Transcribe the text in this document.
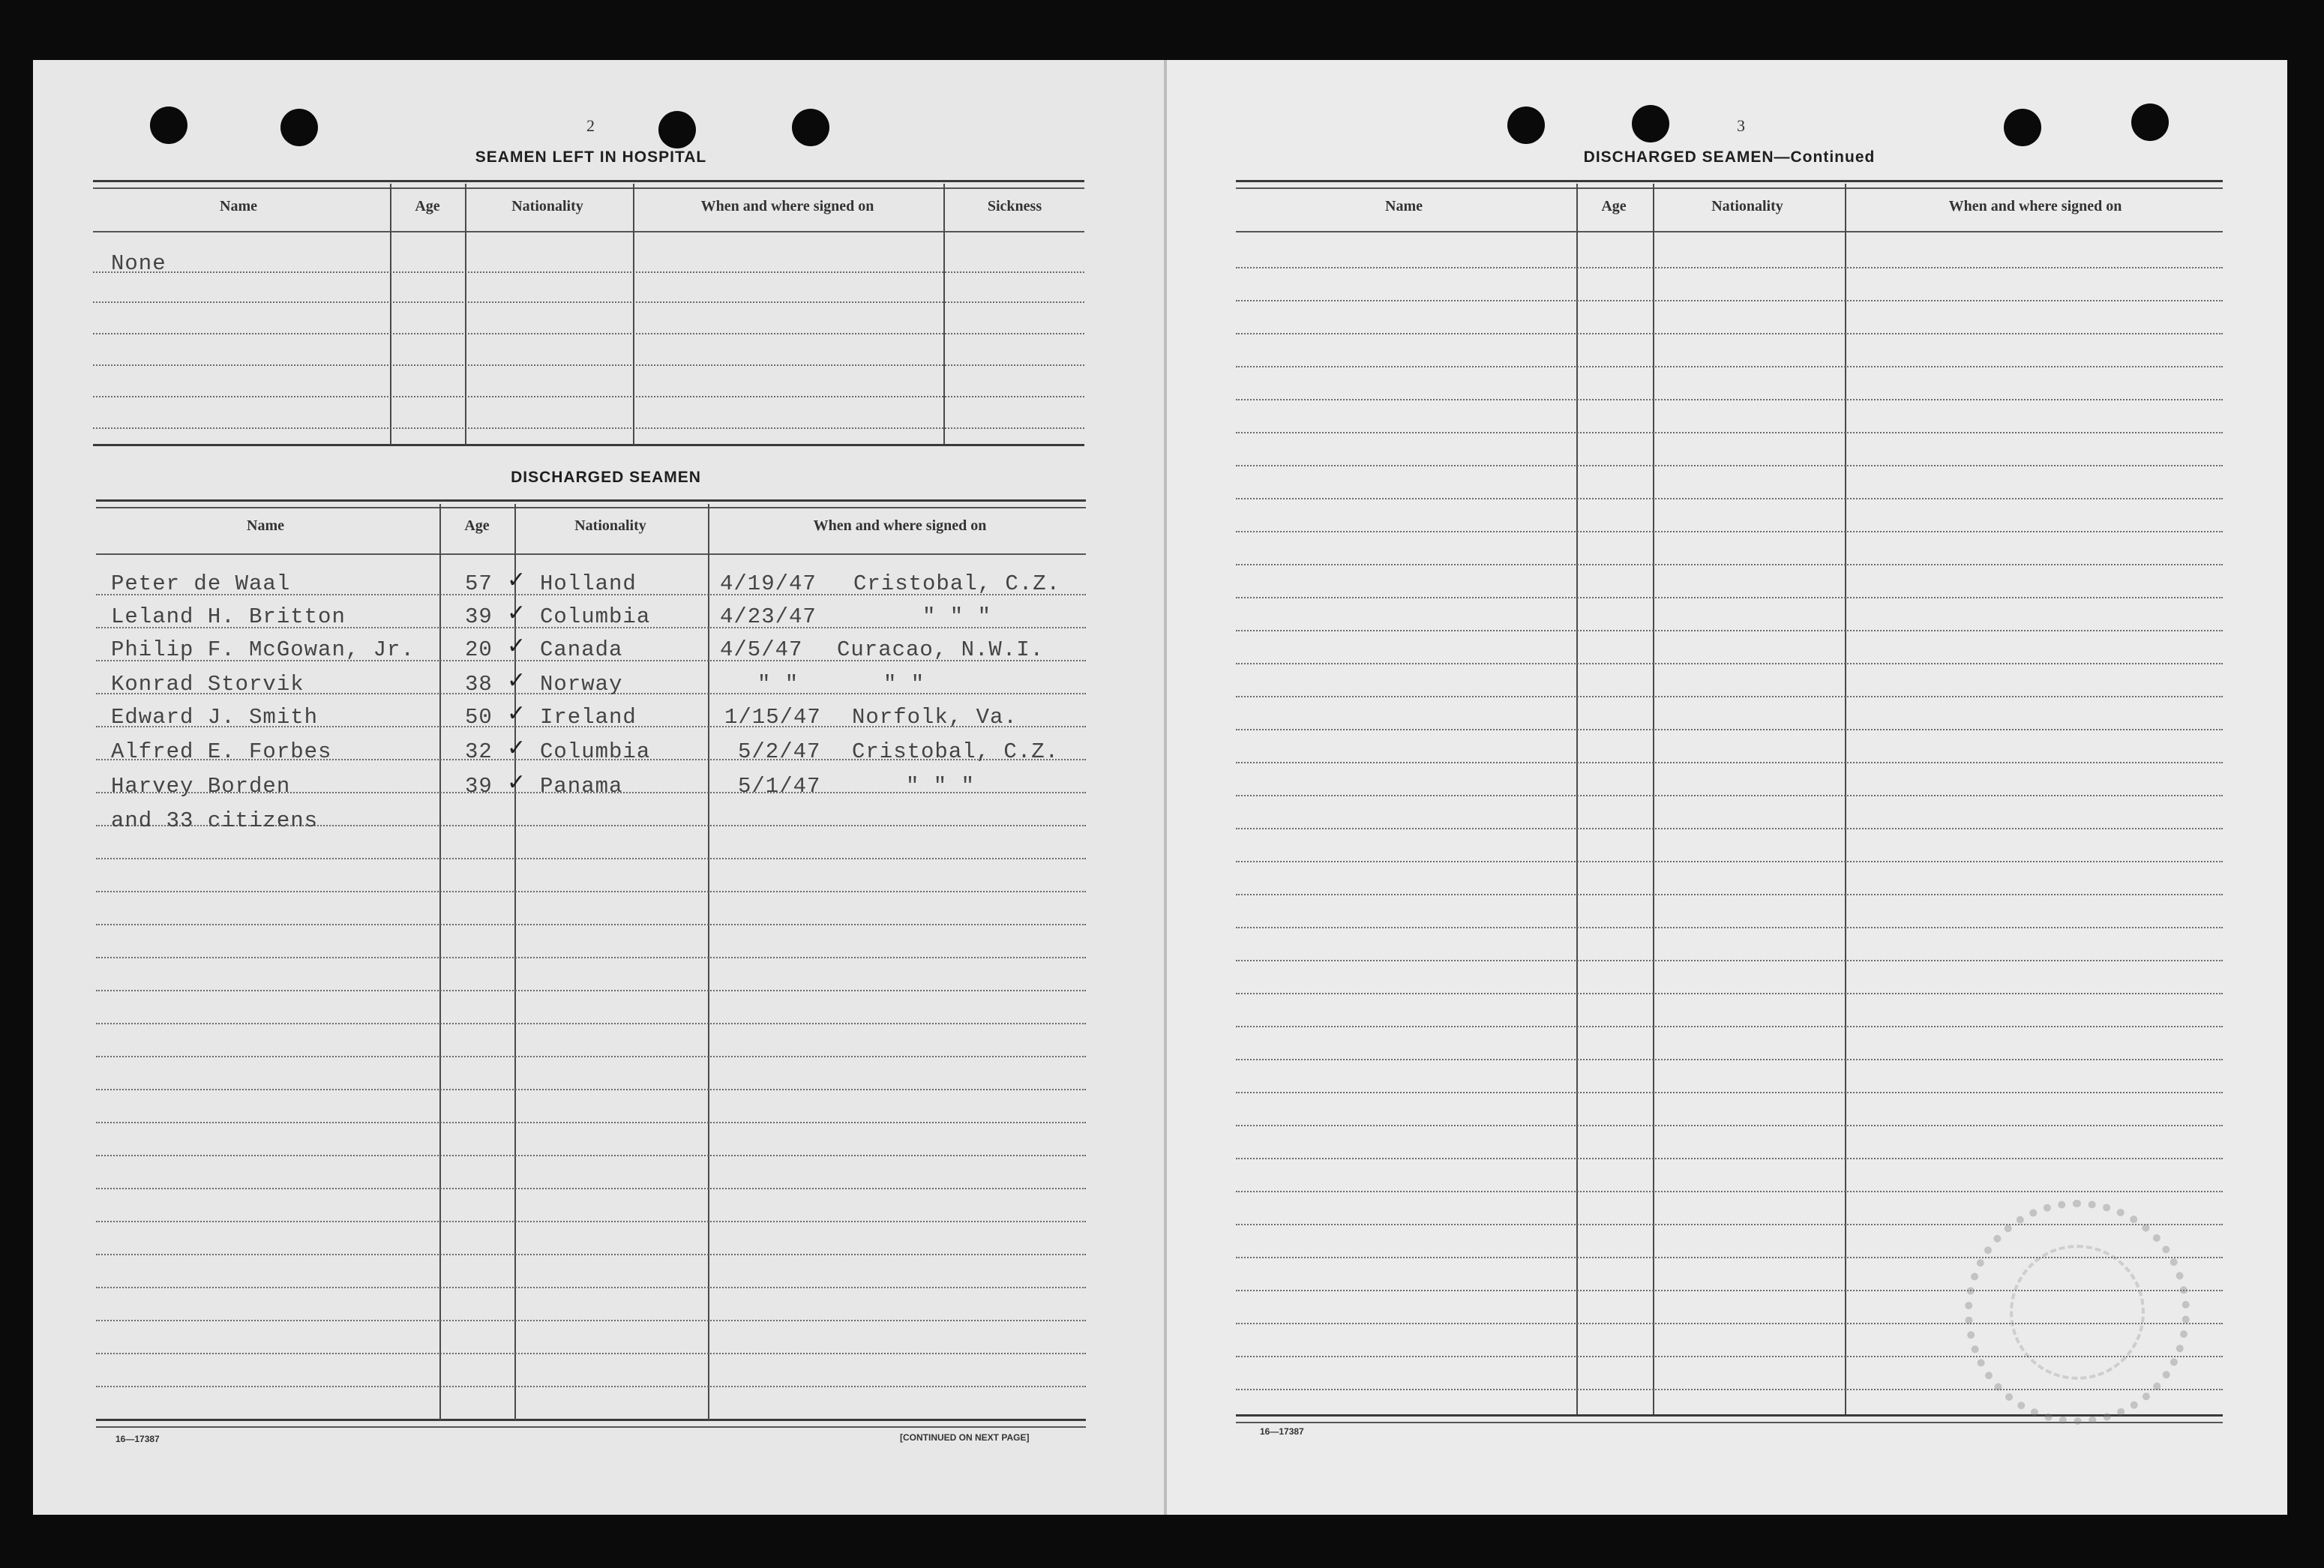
2
SEAMEN LEFT IN HOSPITAL
Name	Age	Nationality	When and where signed on	Sickness
None
DISCHARGED SEAMEN
Name	Age	Nationality	When and where signed on
Peter de Waal	57 ✓ Holland	4/19/47 Cristobal, C.Z.
Leland H. Britton	39 ✓ Columbia	4/23/47	" " "
Philip F. McGowan, Jr. 20 ✓ Canada	4/5/47 Curacao, N.W.I.
Konrad Storvik	38 ✓ Norway	" "	" "
Edward J. Smith	50 ✓ Ireland	1/15/47 Norfolk, Va.
Alfred E. Forbes	32 ✓ Columbia	5/2/47 Cristobal, C.Z.
Harvey Borden	39 ✓ Panama	5/1/47	" " "
and 33 citizens
16—17387	[CONTINUED ON NEXT PAGE]
3
DISCHARGED SEAMEN—Continued
Name	Age	Nationality	When and where signed on
16—17387
